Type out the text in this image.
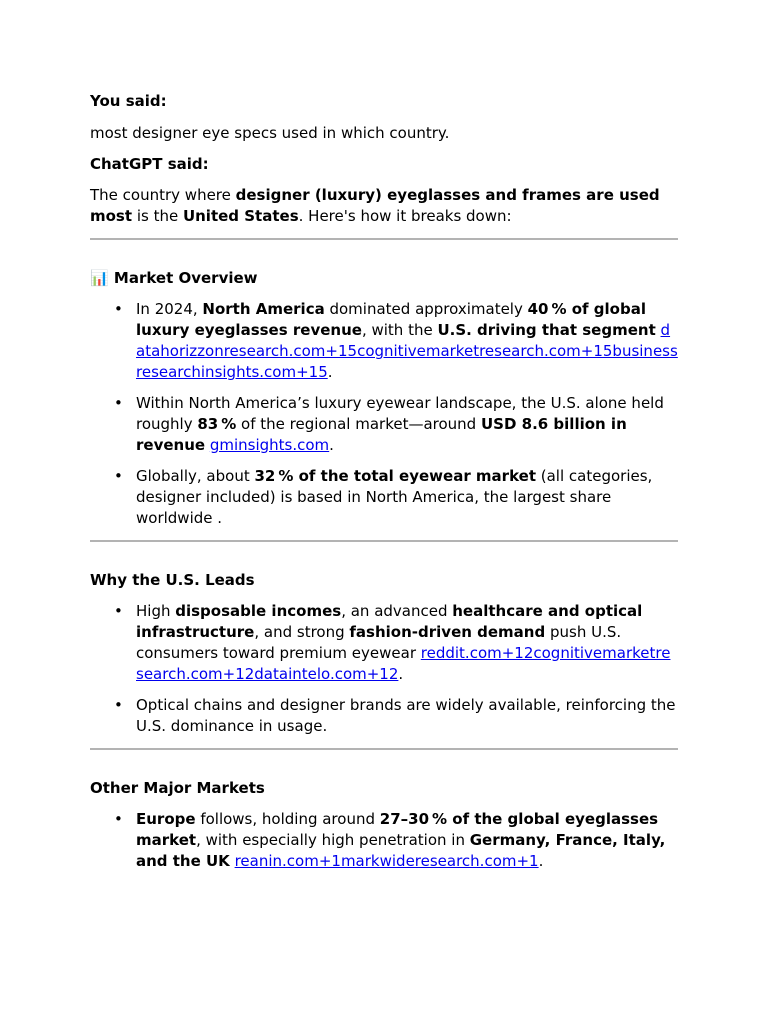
You said:

most designer eye specs used in which country.

ChatGPT said:

The country where designer (luxury) eyeglasses and frames are used most is the United States. Here's how it breaks down:

📊 Market Overview

• In 2024, North America dominated approximately 40 % of global luxury eyeglasses revenue, with the U.S. driving that segment datahorizzonresearch.com+15cognitivemarketresearch.com+15businessresearchinsights.com+15.
• Within North America’s luxury eyewear landscape, the U.S. alone held roughly 83 % of the regional market—around USD 8.6 billion in revenue gminsights.com.
• Globally, about 32 % of the total eyewear market (all categories, designer included) is based in North America, the largest share worldwide .

Why the U.S. Leads

• High disposable incomes, an advanced healthcare and optical infrastructure, and strong fashion-driven demand push U.S. consumers toward premium eyewear reddit.com+12cognitivemarketresearch.com+12dataintelo.com+12.
• Optical chains and designer brands are widely available, reinforcing the U.S. dominance in usage.

Other Major Markets

• Europe follows, holding around 27–30 % of the global eyeglasses market, with especially high penetration in Germany, France, Italy, and the UK reanin.com+1markwideresearch.com+1.
